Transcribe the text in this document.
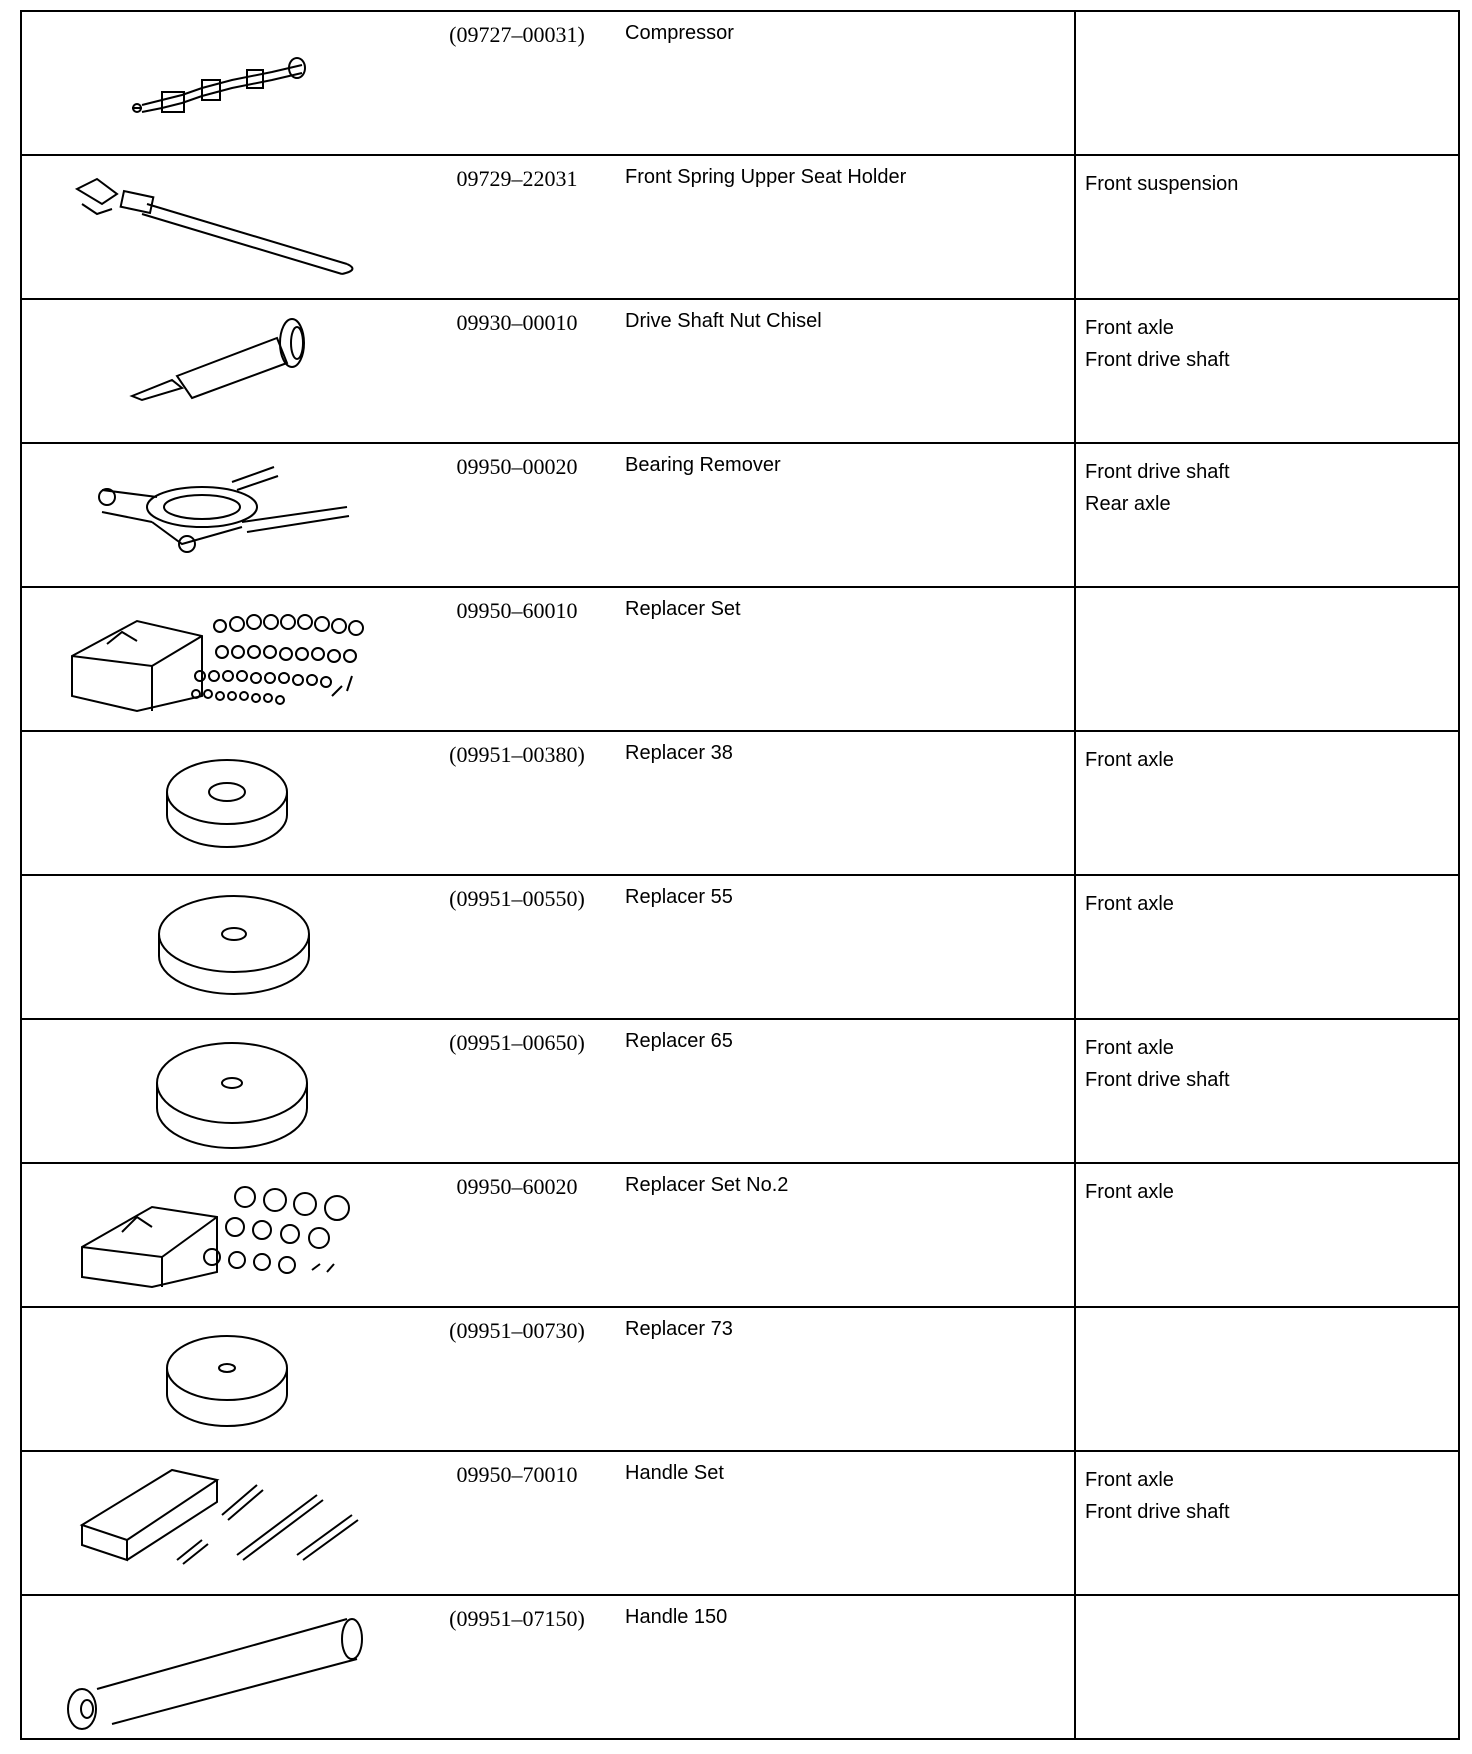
(09727–00031)	Compressor
09729–22031	Front Spring Upper Seat Holder	Front suspension
09930–00010	Drive Shaft Nut Chisel	Front axle
Front drive shaft
09950–00020	Bearing Remover	Front drive shaft
Rear axle
09950–60010	Replacer Set
(09951–00380)	Replacer 38	Front axle
(09951–00550)	Replacer 55	Front axle
(09951–00650)	Replacer 65	Front axle
Front drive shaft
09950–60020	Replacer Set No.2	Front axle
(09951–00730)	Replacer 73
09950–70010	Handle Set	Front axle
Front drive shaft
(09951–07150)	Handle 150
